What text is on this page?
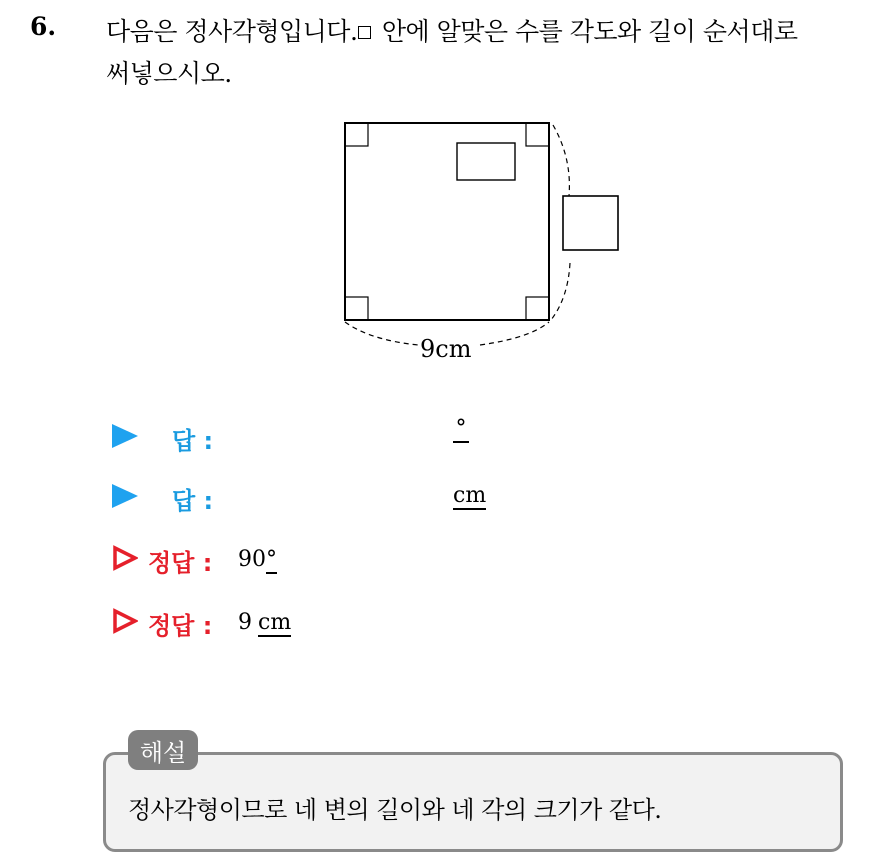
6. 다음은 정사각형입니다. 안에 알맞은 수를 각도와 길이 순서대로
써넣으시오.
9cm
답 :	°
답 :	cm
정답 : 90°
정답 : 9 cm
해설
정사각형이므로 네 변의 길이와 네 각의 크기가 같다.
